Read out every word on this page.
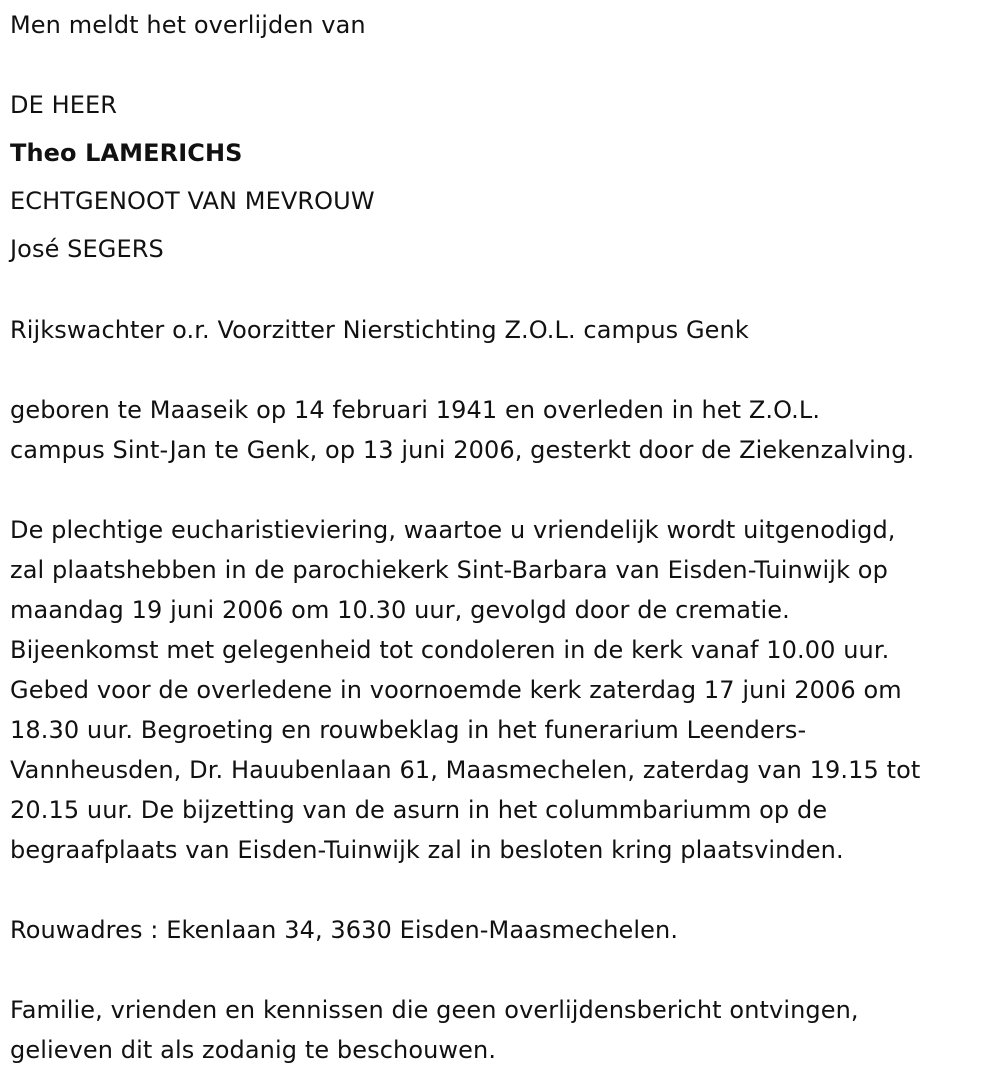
Men meldt het overlijden van

DE HEER

Theo LAMERICHS

ECHTGENOOT VAN MEVROUW

José SEGERS

Rijkswachter o.r. Voorzitter Nierstichting Z.O.L. campus Genk

geboren te Maaseik op 14 februari 1941 en overleden in het Z.O.L.

campus Sint-Jan te Genk, op 13 juni 2006, gesterkt door de Ziekenzalving.

De plechtige eucharistieviering, waartoe u vriendelijk wordt uitgenodigd,

zal plaatshebben in de parochiekerk Sint-Barbara van Eisden-Tuinwijk op

maandag 19 juni 2006 om 10.30 uur, gevolgd door de crematie.

Bijeenkomst met gelegenheid tot condoleren in de kerk vanaf 10.00 uur.

Gebed voor de overledene in voornoemde kerk zaterdag 17 juni 2006 om

18.30 uur. Begroeting en rouwbeklag in het funerarium Leenders-

Vannheusden, Dr. Hauubenlaan 61, Maasmechelen, zaterdag van 19.15 tot

20.15 uur. De bijzetting van de asurn in het colummbariumm op de

begraafplaats van Eisden-Tuinwijk zal in besloten kring plaatsvinden.

Rouwadres : Ekenlaan 34, 3630 Eisden-Maasmechelen.

Familie, vrienden en kennissen die geen overlijdensbericht ontvingen,

gelieven dit als zodanig te beschouwen.
